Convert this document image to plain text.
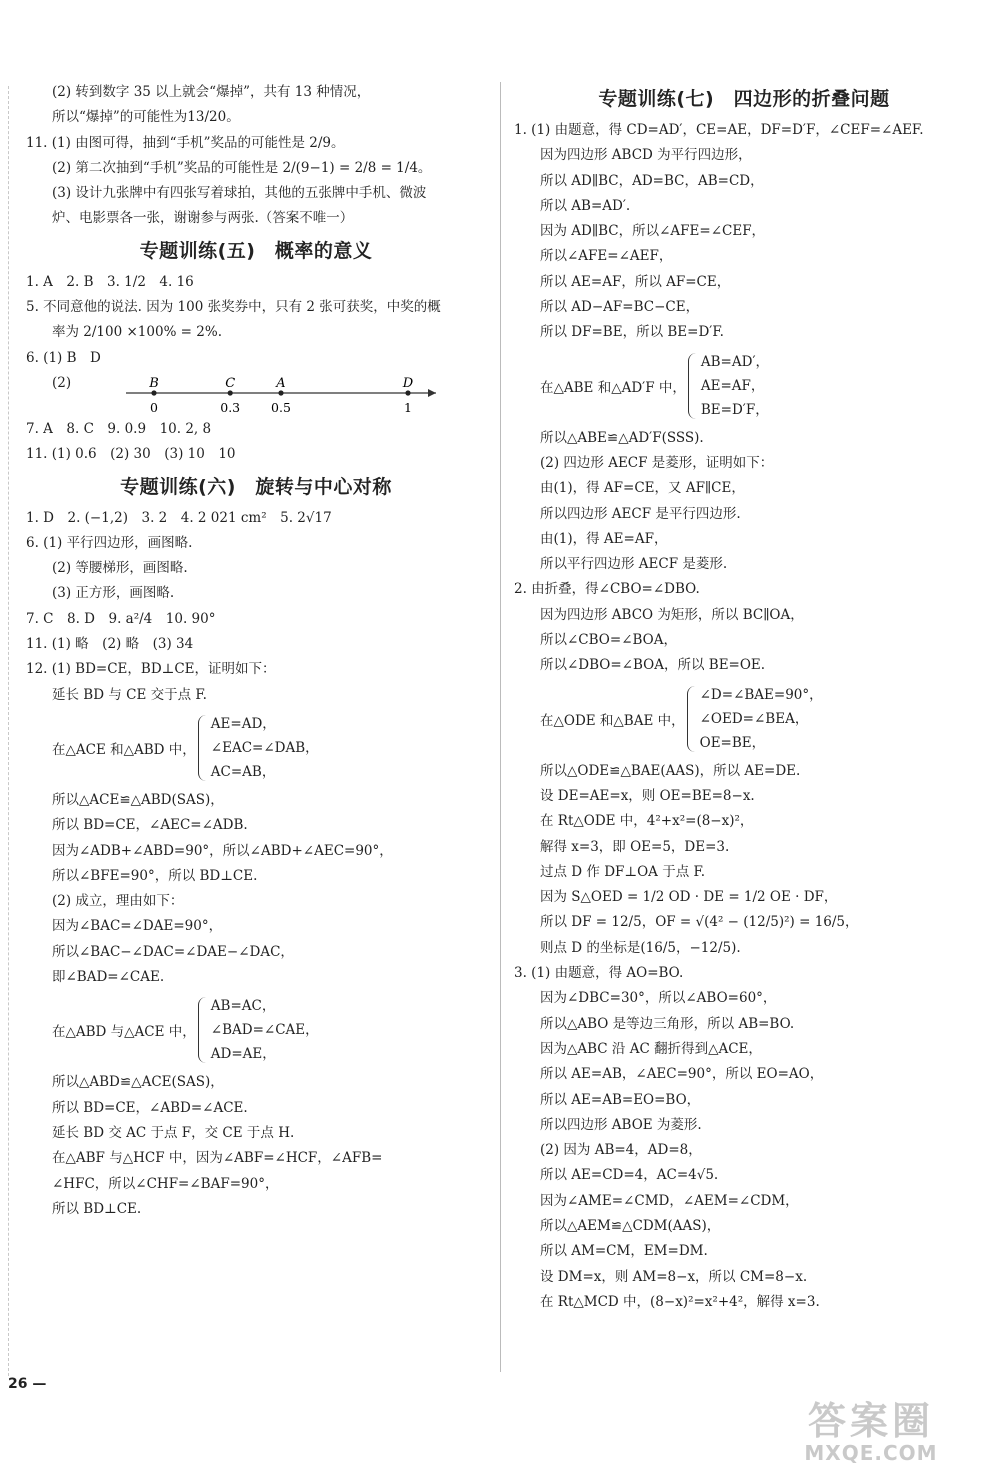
(2) 转到数字 35 以上就会“爆掉”，共有 13 种情况，
所以“爆掉”的可能性为13/20。
11. (1) 由图可得，抽到“手机”奖品的可能性是 2/9。
(2) 第二次抽到“手机”奖品的可能性是 2/(9−1) = 2/8 = 1/4。
(3) 设计九张牌中有四张写着球拍，其他的五张牌中手机、微波
炉、电影票各一张，谢谢参与两张.（答案不唯一）
专题训练(五)　概率的意义
1. A　2. B　3. 1/2　4. 16
5. 不同意他的说法. 因为 100 张奖券中，只有 2 张可获奖，中奖的概
率为 2/100 ×100% = 2%.
6. (1) B　D
(2)	B
0
C
0.3
A
0.5
D
1
7. A　8. C　9. 0.9　10. 2, 8
11. (1) 0.6　(2) 30　(3) 10　10
专题训练(六)　旋转与中心对称
1. D　2. (−1,2)　3. 2　4. 2 021 cm²　5. 2√17
6. (1) 平行四边形，画图略.
(2) 等腰梯形，画图略.
(3) 正方形，画图略.
7. C　8. D　9. a²/4　10. 90°
11. (1) 略　(2) 略　(3) 34
12. (1) BD=CE，BD⊥CE，证明如下：
延长 BD 与 CE 交于点 F.
在△ACE 和△ABD 中，
AE=AD，
∠EAC=∠DAB，
AC=AB，
所以△ACE≌△ABD(SAS)，
所以 BD=CE，∠AEC=∠ADB.
因为∠ADB+∠ABD=90°，所以∠ABD+∠AEC=90°，
所以∠BFE=90°，所以 BD⊥CE.
(2) 成立，理由如下：
因为∠BAC=∠DAE=90°，
所以∠BAC−∠DAC=∠DAE−∠DAC，
即∠BAD=∠CAE.
在△ABD 与△ACE 中，
AB=AC，
∠BAD=∠CAE，
AD=AE，
所以△ABD≌△ACE(SAS)，
所以 BD=CE，∠ABD=∠ACE.
延长 BD 交 AC 于点 F，交 CE 于点 H.
在△ABF 与△HCF 中，因为∠ABF=∠HCF，∠AFB=
∠HFC，所以∠CHF=∠BAF=90°，
所以 BD⊥CE.
专题训练(七)　四边形的折叠问题
1. (1) 由题意，得 CD=AD′，CE=AE，DF=D′F，∠CEF=∠AEF.
因为四边形 ABCD 为平行四边形，
所以 AD∥BC，AD=BC，AB=CD，
所以 AB=AD′.
因为 AD∥BC，所以∠AFE=∠CEF，
所以∠AFE=∠AEF，
所以 AE=AF，所以 AF=CE，
所以 AD−AF=BC−CE，
所以 DF=BE，所以 BE=D′F.
在△ABE 和△AD′F 中，
AB=AD′，
AE=AF，
BE=D′F，
所以△ABE≌△AD′F(SSS).
(2) 四边形 AECF 是菱形，证明如下：
由(1)，得 AF=CE，又 AF∥CE，
所以四边形 AECF 是平行四边形.
由(1)，得 AE=AF，
所以平行四边形 AECF 是菱形.
2. 由折叠，得∠CBO=∠DBO.
因为四边形 ABCO 为矩形，所以 BC∥OA，
所以∠CBO=∠BOA，
所以∠DBO=∠BOA，所以 BE=OE.
在△ODE 和△BAE 中，
∠D=∠BAE=90°，
∠OED=∠BEA，
OE=BE，
所以△ODE≌△BAE(AAS)，所以 AE=DE.
设 DE=AE=x，则 OE=BE=8−x.
在 Rt△ODE 中，4²+x²=(8−x)²，
解得 x=3，即 OE=5，DE=3.
过点 D 作 DF⊥OA 于点 F.
因为 S△OED = 1/2 OD · DE = 1/2 OE · DF，
所以 DF = 12/5，OF = √(4² − (12/5)²) = 16/5，
则点 D 的坐标是(16/5，−12/5).
3. (1) 由题意，得 AO=BO.
因为∠DBC=30°，所以∠ABO=60°，
所以△ABO 是等边三角形，所以 AB=BO.
因为△ABC 沿 AC 翻折得到△ACE，
所以 AE=AB，∠AEC=90°，所以 EO=AO，
所以 AE=AB=EO=BO，
所以四边形 ABOE 为菱形.
(2) 因为 AB=4，AD=8，
所以 AE=CD=4，AC=4√5.
因为∠AME=∠CMD，∠AEM=∠CDM，
所以△AEM≌△CDM(AAS)，
所以 AM=CM，EM=DM.
设 DM=x，则 AM=8−x，所以 CM=8−x.
在 Rt△MCD 中，(8−x)²=x²+4²，解得 x=3.
26 —
答案圈
MXQE.COM
